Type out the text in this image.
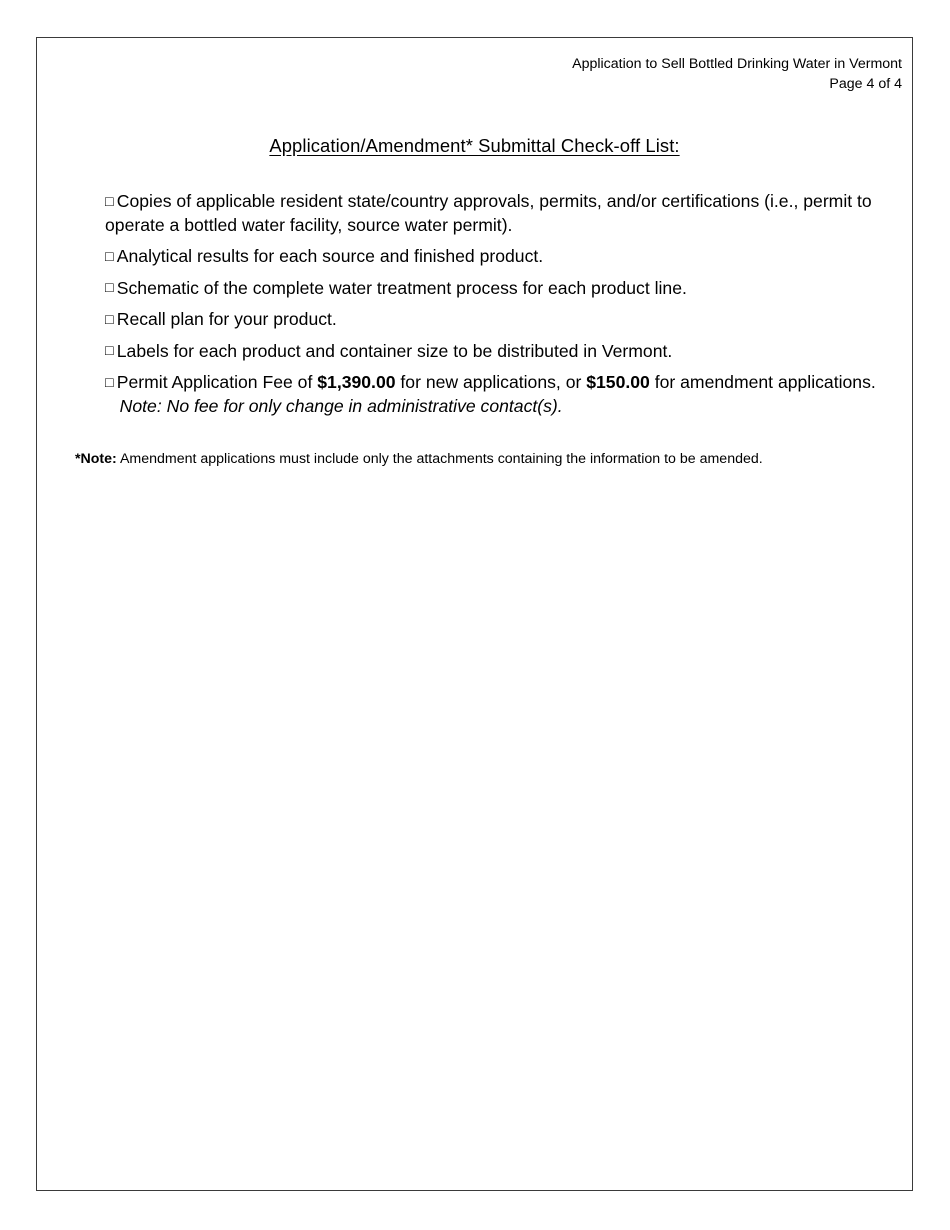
Application to Sell Bottled Drinking Water in Vermont
Page 4 of 4
Application/Amendment* Submittal Check-off List:
□ Copies of applicable resident state/country approvals, permits, and/or certifications (i.e., permit to operate a bottled water facility, source water permit).
□ Analytical results for each source and finished product.
□ Schematic of the complete water treatment process for each product line.
□ Recall plan for your product.
□ Labels for each product and container size to be distributed in Vermont.
□ Permit Application Fee of $1,390.00 for new applications, or $150.00 for amendment applications.   Note: No fee for only change in administrative contact(s).
*Note: Amendment applications must include only the attachments containing the information to be amended.
